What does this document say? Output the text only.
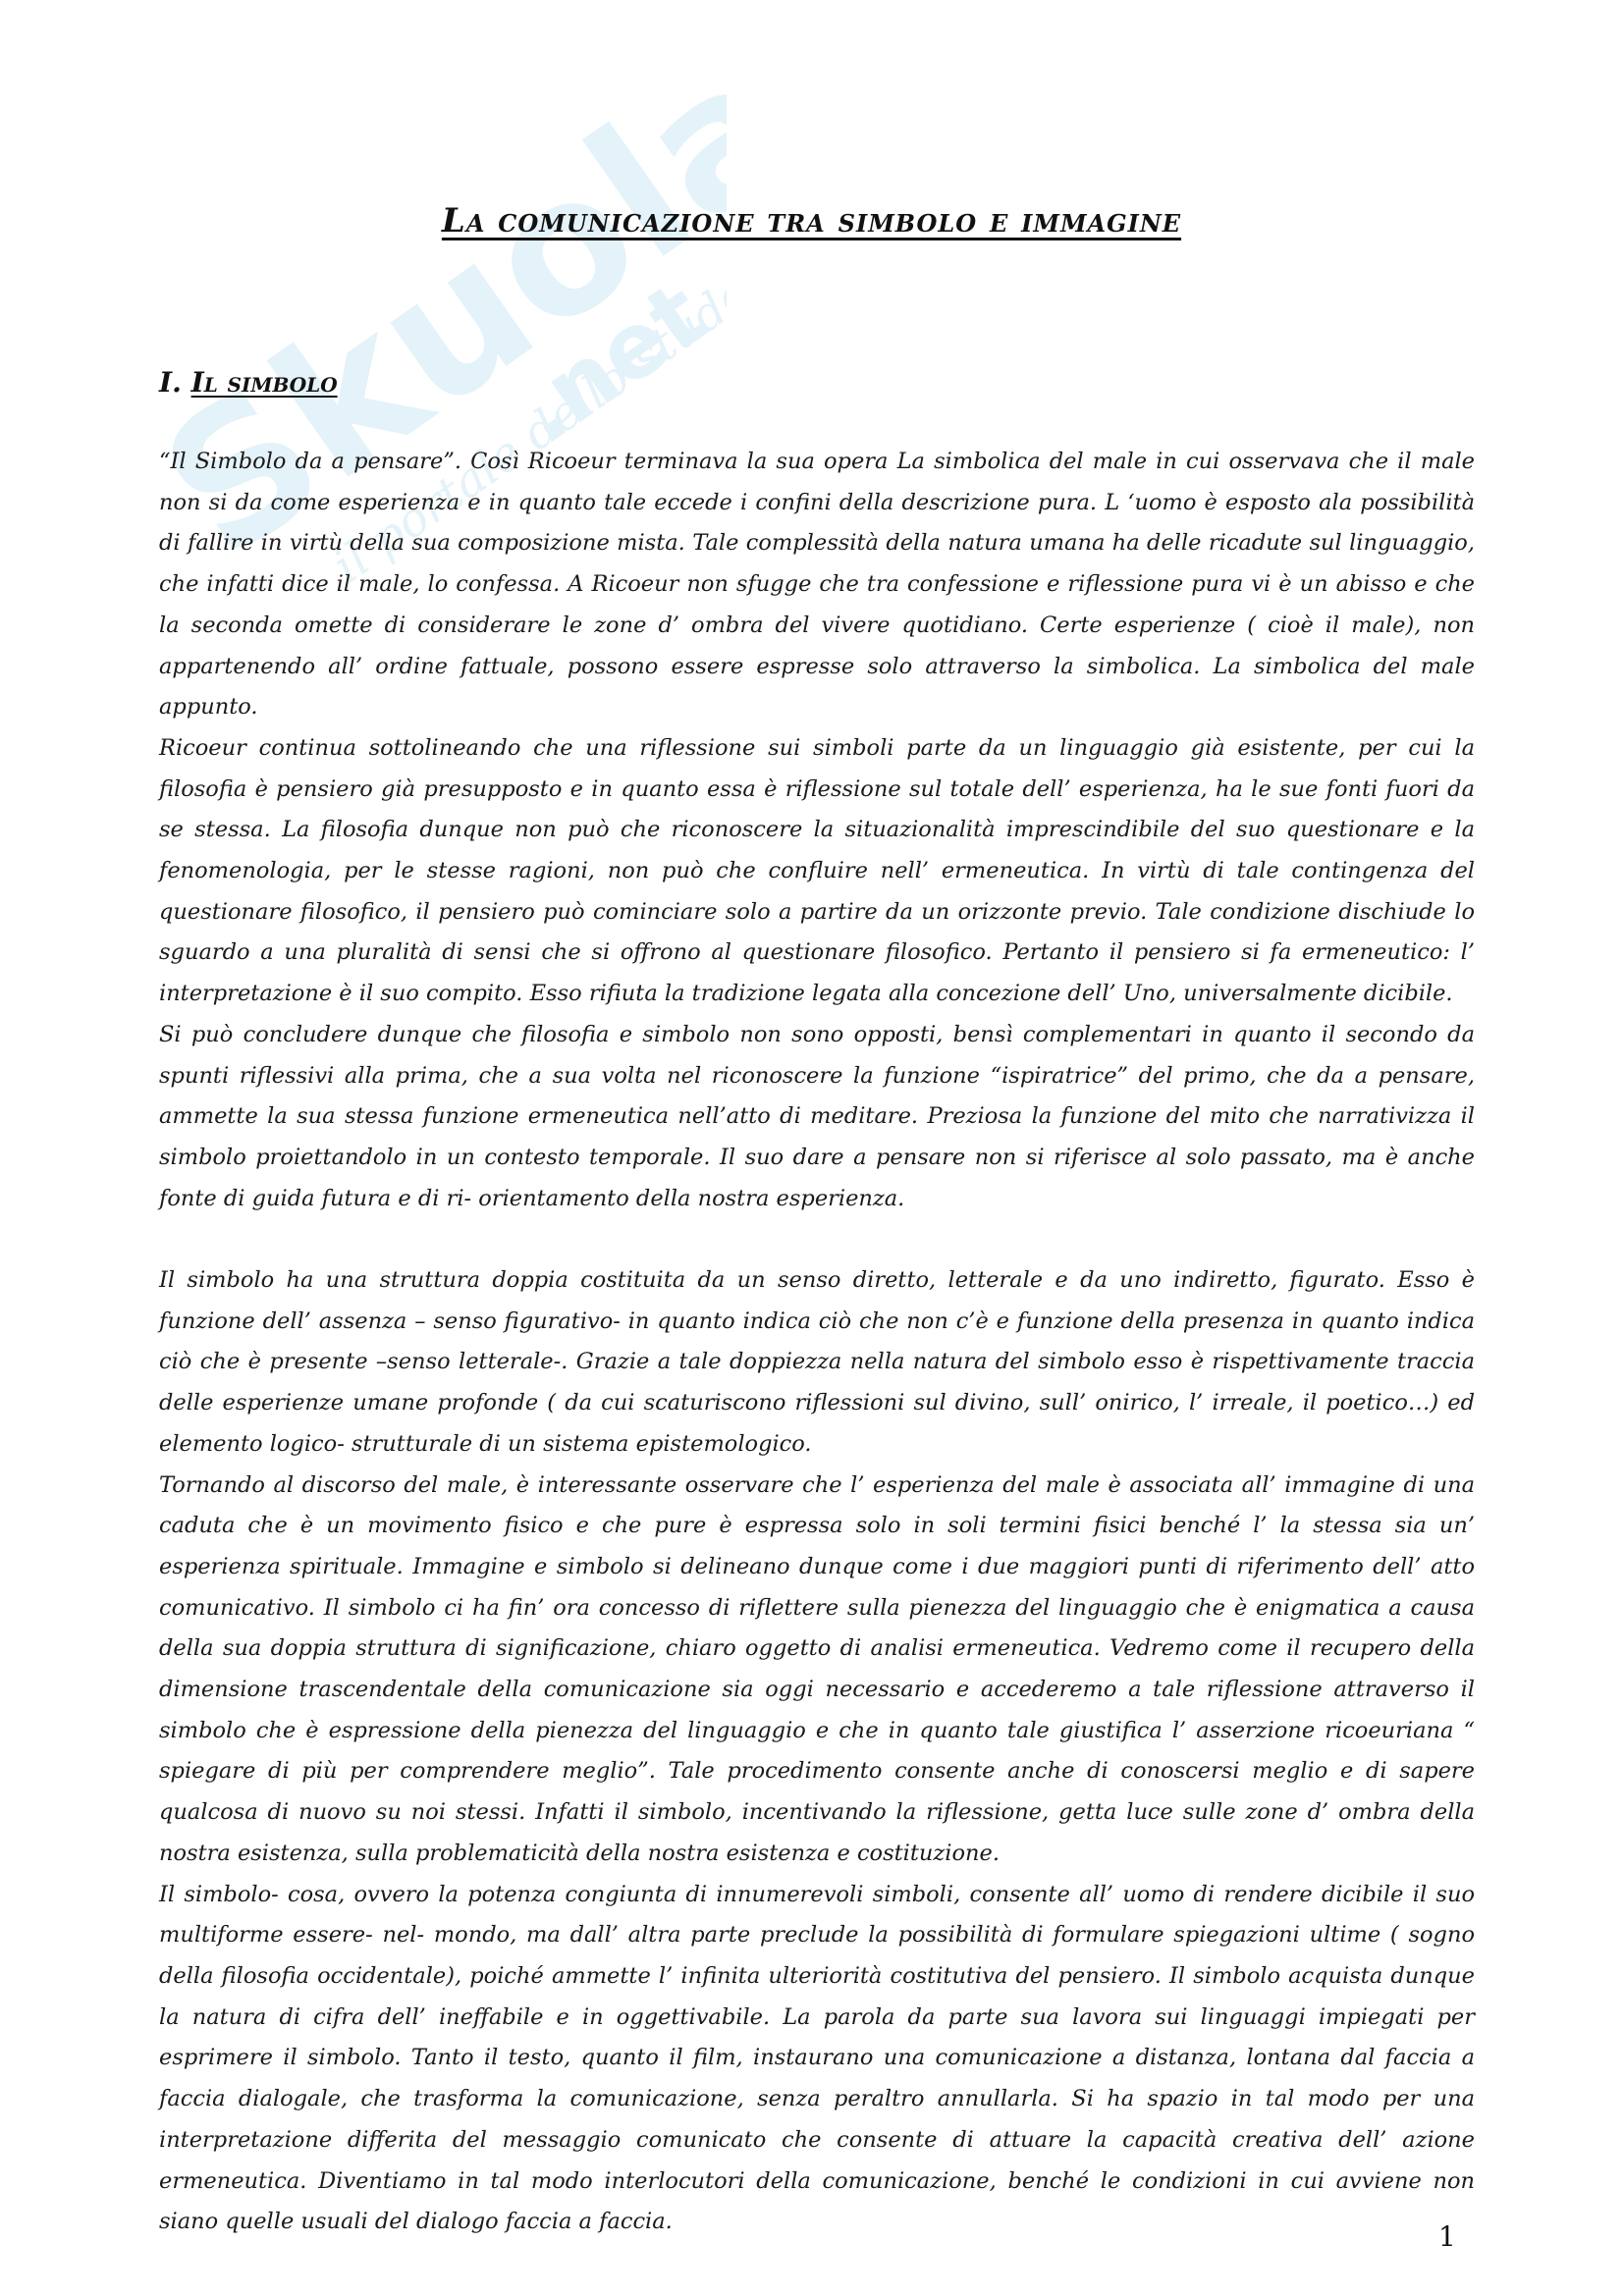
Skuola
.net
il portale dello studente
La comunicazione tra simbolo e immagine
I. Il simbolo

“Il Simbolo da a pensare”. Così Ricoeur terminava la sua opera La simbolica del male in cui osservava che il male non si da come esperienza e in quanto tale eccede i confini della descrizione pura. L ‘uomo è esposto ala possibilità di fallire in virtù della sua composizione mista. Tale complessità della natura umana ha delle ricadute sul linguaggio, che infatti dice il male, lo confessa. A Ricoeur non sfugge che tra confessione e riflessione pura vi è un abisso e che la seconda omette di considerare le zone d’ ombra del vivere quotidiano. Certe esperienze ( cioè il male), non appartenendo all’ ordine fattuale, possono essere espresse solo attraverso la simbolica. La simbolica del male appunto.

Ricoeur continua sottolineando che una riflessione sui simboli parte da un linguaggio già esistente, per cui la filosofia è pensiero già presupposto e in quanto essa è riflessione sul totale dell’ esperienza, ha le sue fonti fuori da se stessa. La filosofia dunque non può che riconoscere la situazionalità imprescindibile del suo questionare e la fenomenologia, per le stesse ragioni, non può che confluire nell’ ermeneutica. In virtù di tale contingenza del questionare filosofico, il pensiero può cominciare solo a partire da un orizzonte previo. Tale condizione dischiude lo sguardo a una pluralità di sensi che si offrono al questionare filosofico. Pertanto il pensiero si fa ermeneutico: l’ interpretazione è il suo compito. Esso rifiuta la tradizione legata alla concezione dell’ Uno, universalmente dicibile.

Si può concludere dunque che filosofia e simbolo non sono opposti, bensì complementari in quanto il secondo da spunti riflessivi alla prima, che a sua volta nel riconoscere la funzione “ispiratrice” del primo, che da a pensare, ammette la sua stessa funzione ermeneutica nell’atto di meditare. Preziosa la funzione del mito che narrativizza il simbolo proiettandolo in un contesto temporale. Il suo dare a pensare non si riferisce al solo passato, ma è anche fonte di guida futura e di ri- orientamento della nostra esperienza.

Il simbolo ha una struttura doppia costituita da un senso diretto, letterale e da uno indiretto, figurato. Esso è funzione dell’ assenza – senso figurativo- in quanto indica ciò che non c’è e funzione della presenza in quanto indica ciò che è presente –senso letterale-. Grazie a tale doppiezza nella natura del simbolo esso è rispettivamente traccia delle esperienze umane profonde ( da cui scaturiscono riflessioni sul divino, sull’ onirico, l’ irreale, il poetico…) ed elemento logico- strutturale di un sistema epistemologico.

Tornando al discorso del male, è interessante osservare che l’ esperienza del male è associata all’ immagine di una caduta che è un movimento fisico e che pure è espressa solo in soli termini fisici benché l’ la stessa sia un’ esperienza spirituale. Immagine e simbolo si delineano dunque come i due maggiori punti di riferimento dell’ atto comunicativo. Il simbolo ci ha fin’ ora concesso di riflettere sulla pienezza del linguaggio che è enigmatica a causa della sua doppia struttura di significazione, chiaro oggetto di analisi ermeneutica. Vedremo come il recupero della dimensione trascendentale della comunicazione sia oggi necessario e accederemo a tale riflessione attraverso il simbolo che è espressione della pienezza del linguaggio e che in quanto tale giustifica l’ asserzione ricoeuriana “ spiegare di più per comprendere meglio”. Tale procedimento consente anche di conoscersi meglio e di sapere qualcosa di nuovo su noi stessi. Infatti il simbolo, incentivando la riflessione, getta luce sulle zone d’ ombra della nostra esistenza, sulla problematicità della nostra esistenza e costituzione.

Il simbolo- cosa, ovvero la potenza congiunta di innumerevoli simboli, consente all’ uomo di rendere dicibile il suo multiforme essere- nel- mondo, ma dall’ altra parte preclude la possibilità di formulare spiegazioni ultime ( sogno della filosofia occidentale), poiché ammette l’ infinita ulteriorità costitutiva del pensiero. Il simbolo acquista dunque la natura di cifra dell’ ineffabile e in oggettivabile. La parola da parte sua lavora sui linguaggi impiegati per esprimere il simbolo. Tanto il testo, quanto il film, instaurano una comunicazione a distanza, lontana dal faccia a faccia dialogale, che trasforma la comunicazione, senza peraltro annullarla. Si ha spazio in tal modo per una interpretazione differita del messaggio comunicato che consente di attuare la capacità creativa dell’ azione ermeneutica. Diventiamo in tal modo interlocutori della comunicazione, benché le condizioni in cui avviene non siano quelle usuali del dialogo faccia a faccia.	1
